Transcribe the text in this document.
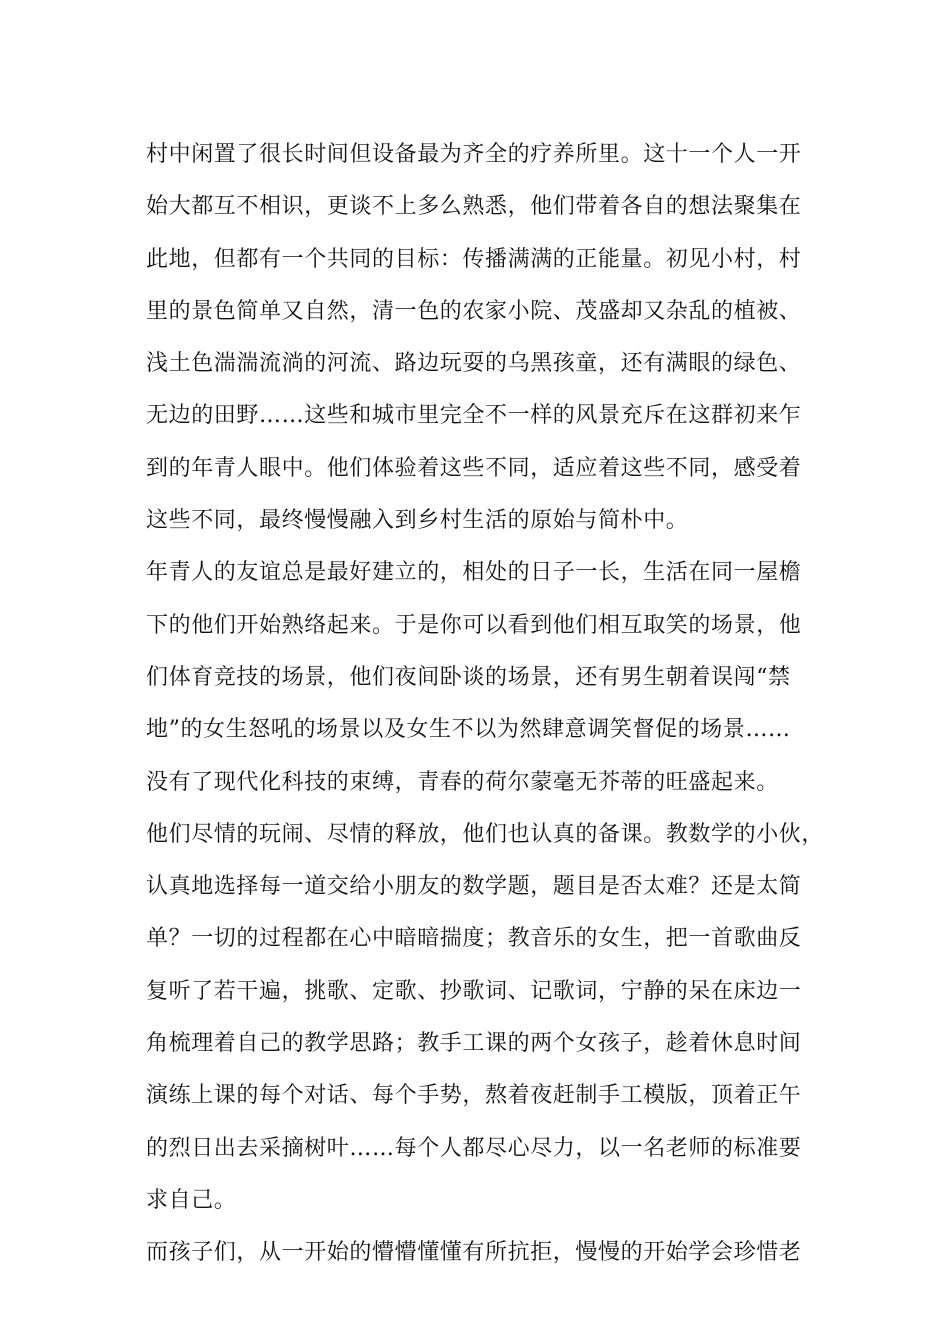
村中闲置了很长时间但设备最为齐全的疗养所里。这十一个人一开
始大都互不相识，更谈不上多么熟悉，他们带着各自的想法聚集在
此地，但都有一个共同的目标：传播满满的正能量。初见小村，村
里的景色简单又自然，清一色的农家小院、茂盛却又杂乱的植被、
浅土色湍湍流淌的河流、路边玩耍的乌黑孩童，还有满眼的绿色、
无边的田野……这些和城市里完全不一样的风景充斥在这群初来乍
到的年青人眼中。他们体验着这些不同，适应着这些不同，感受着
这些不同，最终慢慢融入到乡村生活的原始与简朴中。
年青人的友谊总是最好建立的，相处的日子一长，生活在同一屋檐
下的他们开始熟络起来。于是你可以看到他们相互取笑的场景，他
们体育竞技的场景，他们夜间卧谈的场景，还有男生朝着误闯“禁
地”的女生怒吼的场景以及女生不以为然肆意调笑督促的场景……
没有了现代化科技的束缚，青春的荷尔蒙毫无芥蒂的旺盛起来。
他们尽情的玩闹、尽情的释放，他们也认真的备课。教数学的小伙，
认真地选择每一道交给小朋友的数学题，题目是否太难？还是太简
单？一切的过程都在心中暗暗揣度；教音乐的女生，把一首歌曲反
复听了若干遍，挑歌、定歌、抄歌词、记歌词，宁静的呆在床边一
角梳理着自己的教学思路；教手工课的两个女孩子，趁着休息时间
演练上课的每个对话、每个手势，熬着夜赶制手工模版，顶着正午
的烈日出去采摘树叶……每个人都尽心尽力，以一名老师的标准要
求自己。
而孩子们，从一开始的懵懵懂懂有所抗拒，慢慢的开始学会珍惜老
